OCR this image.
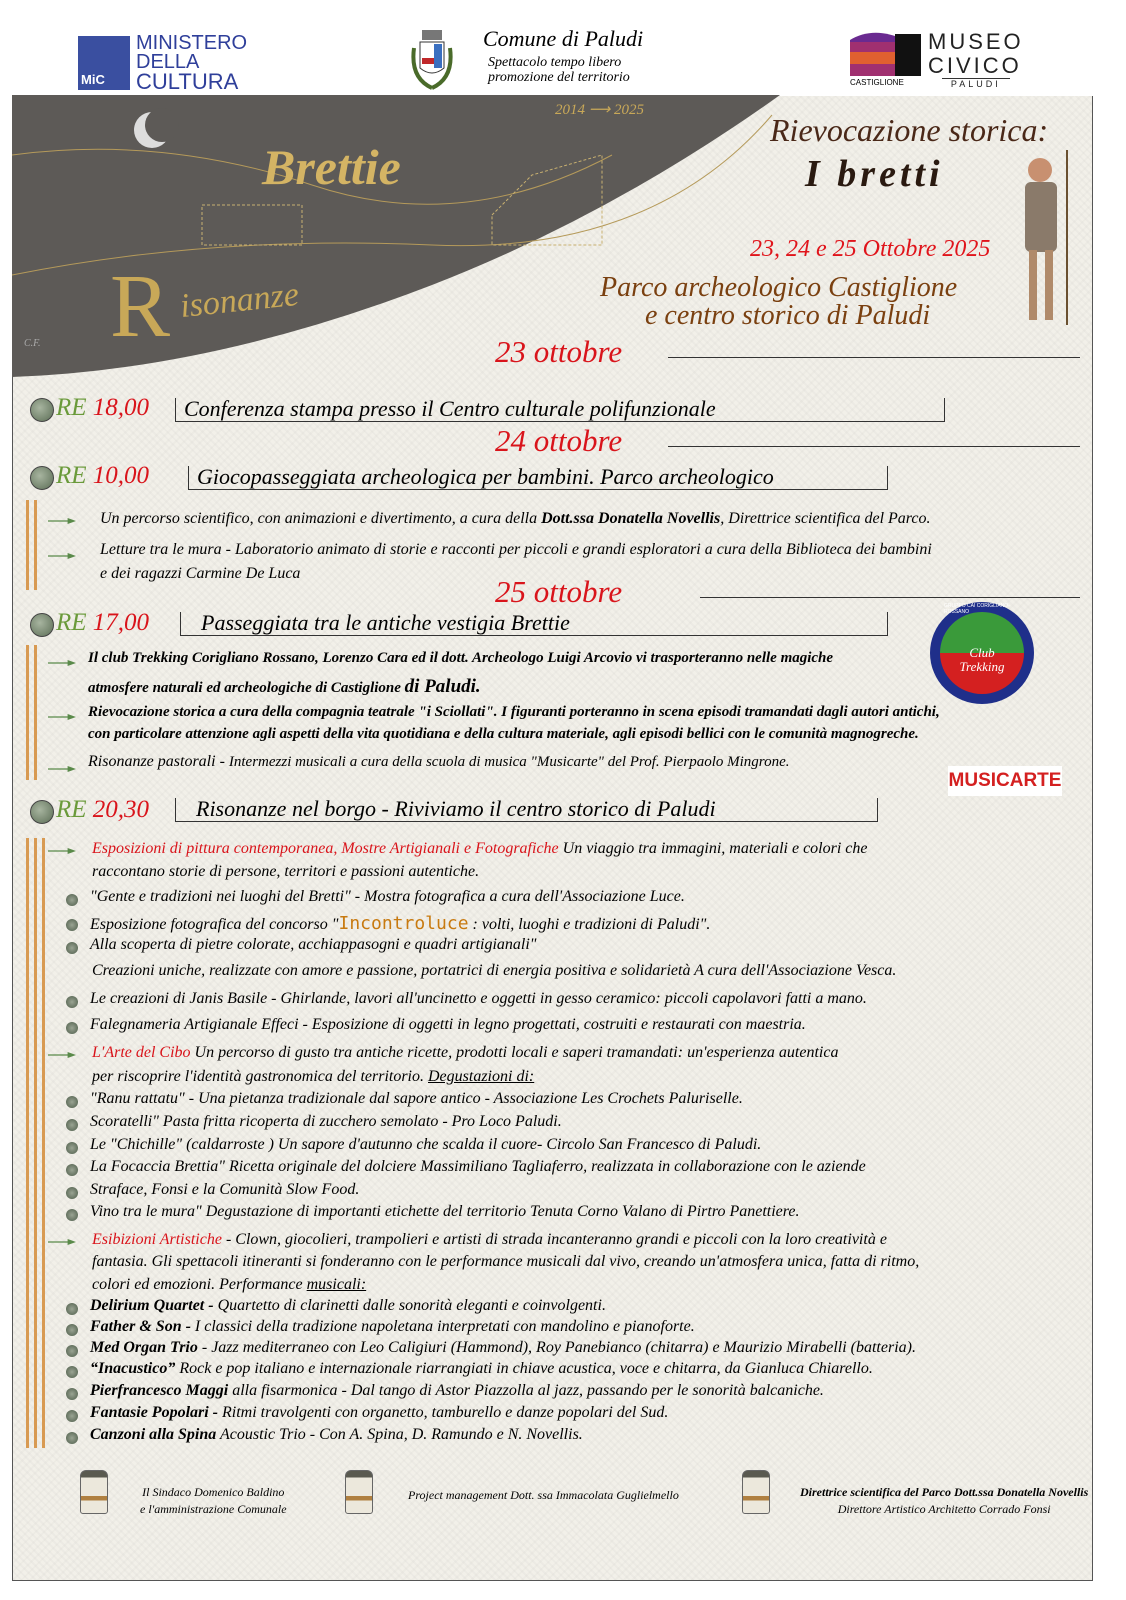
MiC
MINISTERO
DELLA
CULTURA
Comune di Paludi
Spettacolo tempo libero
promozione del territorio	CASTIGLIONE
MUSEO
CIVICO
PALUDI
2014 ⟶ 2025
Brettie
R isonanze
C.F.
Rievocazione storica:
I bretti
23, 24 e 25 Ottobre 2025
Parco archeologico Castiglione
e centro storico di Paludi
23 ottobre
24 ottobre
25 ottobre
RE 18,00	Conferenza stampa presso il Centro culturale polifunzionale
RE 10,00	Giocopasseggiata archeologica per bambini. Parco archeologico
Un percorso scientifico, con animazioni e divertimento, a cura della Dott.ssa Donatella Novellis, Direttrice scientifica del Parco.
Letture tra le mura - Laboratorio animato di storie e racconti per piccoli e grandi esploratori a cura della Biblioteca dei bambini
e dei ragazzi Carmine De Luca
RE 17,00	Passeggiata tra le antiche vestigia Brettie
Il club Trekking Corigliano Rossano, Lorenzo Cara ed il dott. Archeologo Luigi Arcovio vi trasporteranno nelle magiche
atmosfere naturali ed archeologiche di Castiglione di Paludi.
Rievocazione storica a cura della compagnia teatrale "i Sciollati". I figuranti porteranno in scena episodi tramandati dagli autori antichi,
con particolare attenzione agli aspetti della vita quotidiana e della cultura materiale, agli episodi bellici con le comunità magnogreche.
Risonanze pastorali - Intermezzi musicali a cura della scuola di musica "Musicarte" del Prof. Pierpaolo Mingrone.
Club
Trekking
GRUPPO CAI CORIGLIANO-ROSSANO
MUSICARTE
RE 20,30	Risonanze nel borgo - Riviviamo il centro storico di Paludi
Esposizioni di pittura contemporanea, Mostre Artigianali e Fotografiche Un viaggio tra immagini, materiali e colori che
raccontano storie di persone, territori e passioni autentiche.
"Gente e tradizioni nei luoghi del Bretti" - Mostra fotografica a cura dell'Associazione Luce.
Esposizione fotografica del concorso "Incontroluce : volti, luoghi e tradizioni di Paludi".
Alla scoperta di pietre colorate, acchiappasogni e quadri artigianali"
Creazioni uniche, realizzate con amore e passione, portatrici di energia positiva e solidarietà A cura dell'Associazione Vesca.
Le creazioni di Janis Basile - Ghirlande, lavori all'uncinetto e oggetti in gesso ceramico: piccoli capolavori fatti a mano.
Falegnameria Artigianale Effeci - Esposizione di oggetti in legno progettati, costruiti e restaurati con maestria.
L'Arte del Cibo Un percorso di gusto tra antiche ricette, prodotti locali e saperi tramandati: un'esperienza autentica
per riscoprire l'identità gastronomica del territorio. Degustazioni di:
"Ranu rattatu" - Una pietanza tradizionale dal sapore antico - Associazione Les Crochets Paluriselle.
Scoratelli" Pasta fritta ricoperta di zucchero semolato - Pro Loco Paludi.
Le "Chichille" (caldarroste ) Un sapore d'autunno che scalda il cuore- Circolo San Francesco di Paludi.
La Focaccia Brettia" Ricetta originale del dolciere Massimiliano Tagliaferro, realizzata in collaborazione con le aziende
Straface, Fonsi e la Comunità Slow Food.
Vino tra le mura" Degustazione di importanti etichette del territorio Tenuta Corno Valano di Pirtro Panettiere.
Esibizioni Artistiche - Clown, giocolieri, trampolieri e artisti di strada incanteranno grandi e piccoli con la loro creatività e
fantasia. Gli spettacoli itineranti si fonderanno con le performance musicali dal vivo, creando un'atmosfera unica, fatta di ritmo,
colori ed emozioni. Performance musicali:
Delirium Quartet - Quartetto di clarinetti dalle sonorità eleganti e coinvolgenti.
Father & Son - I classici della tradizione napoletana interpretati con mandolino e pianoforte.
Med Organ Trio - Jazz mediterraneo con Leo Caligiuri (Hammond), Roy Panebianco (chitarra) e Maurizio Mirabelli (batteria).
“Inacustico” Rock e pop italiano e internazionale riarrangiati in chiave acustica, voce e chitarra, da Gianluca Chiarello.
Pierfrancesco Maggi alla fisarmonica - Dal tango di Astor Piazzolla al jazz, passando per le sonorità balcaniche.
Fantasie Popolari - Ritmi travolgenti con organetto, tamburello e danze popolari del Sud.
Canzoni alla Spina Acoustic Trio - Con A. Spina, D. Ramundo e N. Novellis.
Il Sindaco Domenico Baldino
e l'amministrazione Comunale
Project management Dott. ssa Immacolata Guglielmello	Direttrice scientifica del Parco Dott.ssa Donatella Novellis
Direttore Artistico Architetto Corrado Fonsi
